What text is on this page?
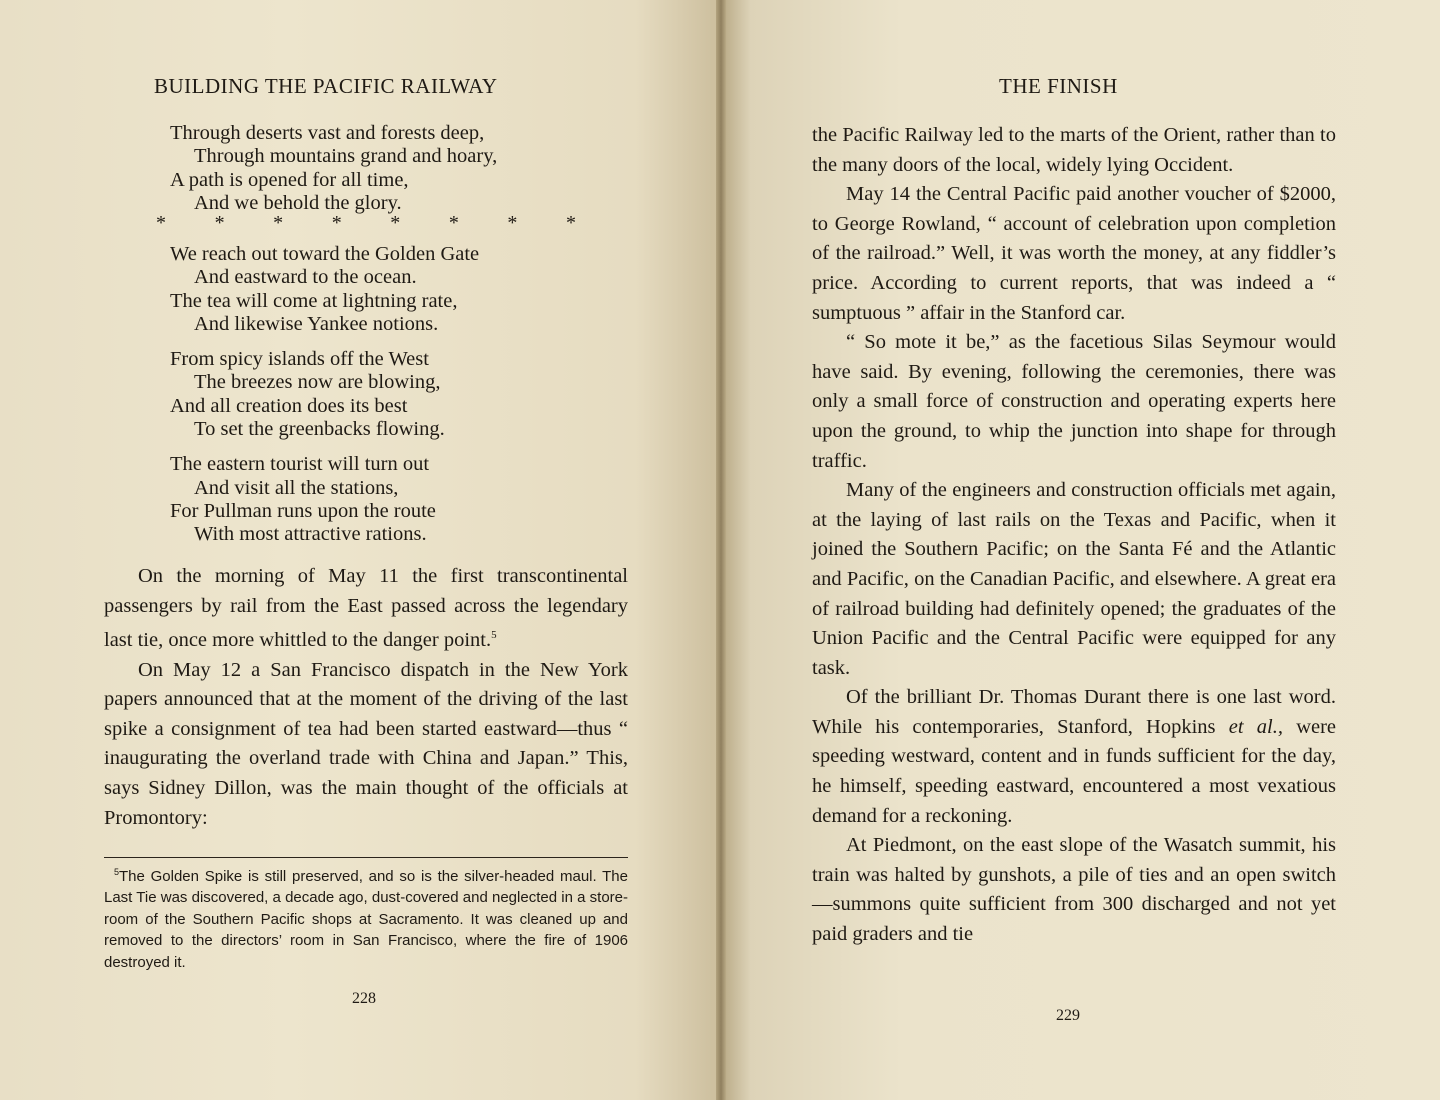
BUILDING THE PACIFIC RAILWAY
Through deserts vast and forests deep,
Through mountains grand and hoary,
A path is opened for all time,
And we behold the glory.
* * * * * * * *
We reach out toward the Golden Gate
And eastward to the ocean.
The tea will come at lightning rate,
And likewise Yankee notions.
From spicy islands off the West
The breezes now are blowing,
And all creation does its best
To set the greenbacks flowing.
The eastern tourist will turn out
And visit all the stations,
For Pullman runs upon the route
With most attractive rations.

On the morning of May 11 the first transcontinental passengers by rail from the East passed across the legendary last tie, once more whittled to the danger point.$^5$

On May 12 a San Francisco dispatch in the New York papers announced that at the moment of the driving of the last spike a consignment of tea had been started eastward—thus “ inaugurating the overland trade with China and Japan.” This, says Sidney Dillon, was the main thought of the officials at Promontory:

$^5$The Golden Spike is still preserved, and so is the silver-headed maul. The Last Tie was discovered, a decade ago, dust-covered and neglected in a store-room of the Southern Pacific shops at Sacramento. It was cleaned up and removed to the directors’ room in San Francisco, where the fire of 1906 destroyed it.

228
THE FINISH

the Pacific Railway led to the marts of the Orient, rather than to the many doors of the local, widely lying Occident.

May 14 the Central Pacific paid another voucher of $2000, to George Rowland, “ account of celebration upon completion of the railroad.” Well, it was worth the money, at any fiddler’s price. According to current reports, that was indeed a “ sumptuous ” affair in the Stanford car.

“ So mote it be,” as the facetious Silas Seymour would have said. By evening, following the ceremonies, there was only a small force of construction and operating experts here upon the ground, to whip the junction into shape for through traffic.

Many of the engineers and construction officials met again, at the laying of last rails on the Texas and Pacific, when it joined the Southern Pacific; on the Santa Fé and the Atlantic and Pacific, on the Canadian Pacific, and elsewhere. A great era of railroad building had definitely opened; the graduates of the Union Pacific and the Central Pacific were equipped for any task.

Of the brilliant Dr. Thomas Durant there is one last word. While his contemporaries, Stanford, Hopkins et al., were speeding westward, content and in funds sufficient for the day, he himself, speeding eastward, encountered a most vexatious demand for a reckoning.

At Piedmont, on the east slope of the Wasatch summit, his train was halted by gunshots, a pile of ties and an open switch—summons quite sufficient from 300 discharged and not yet paid graders and tie

229
